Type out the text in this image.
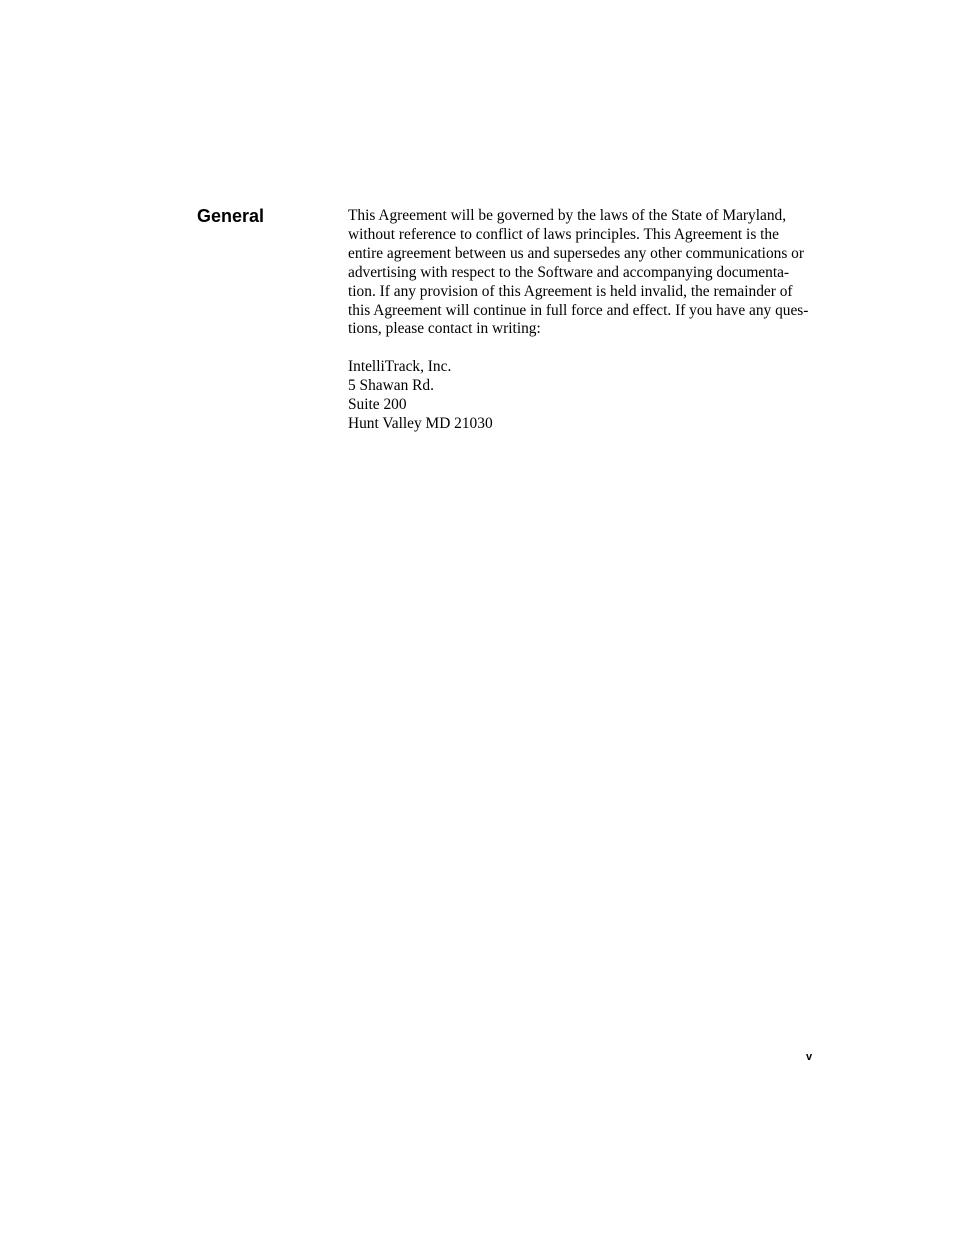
General	This Agreement will be governed by the laws of the State of Maryland,
without reference to conflict of laws principles. This Agreement is the
entire agreement between us and supersedes any other communications or
advertising with respect to the Software and accompanying documenta-
tion. If any provision of this Agreement is held invalid, the remainder of
this Agreement will continue in full force and effect. If you have any ques-
tions, please contact in writing:
IntelliTrack, Inc.
5 Shawan Rd.
Suite 200
Hunt Valley MD 21030
v
